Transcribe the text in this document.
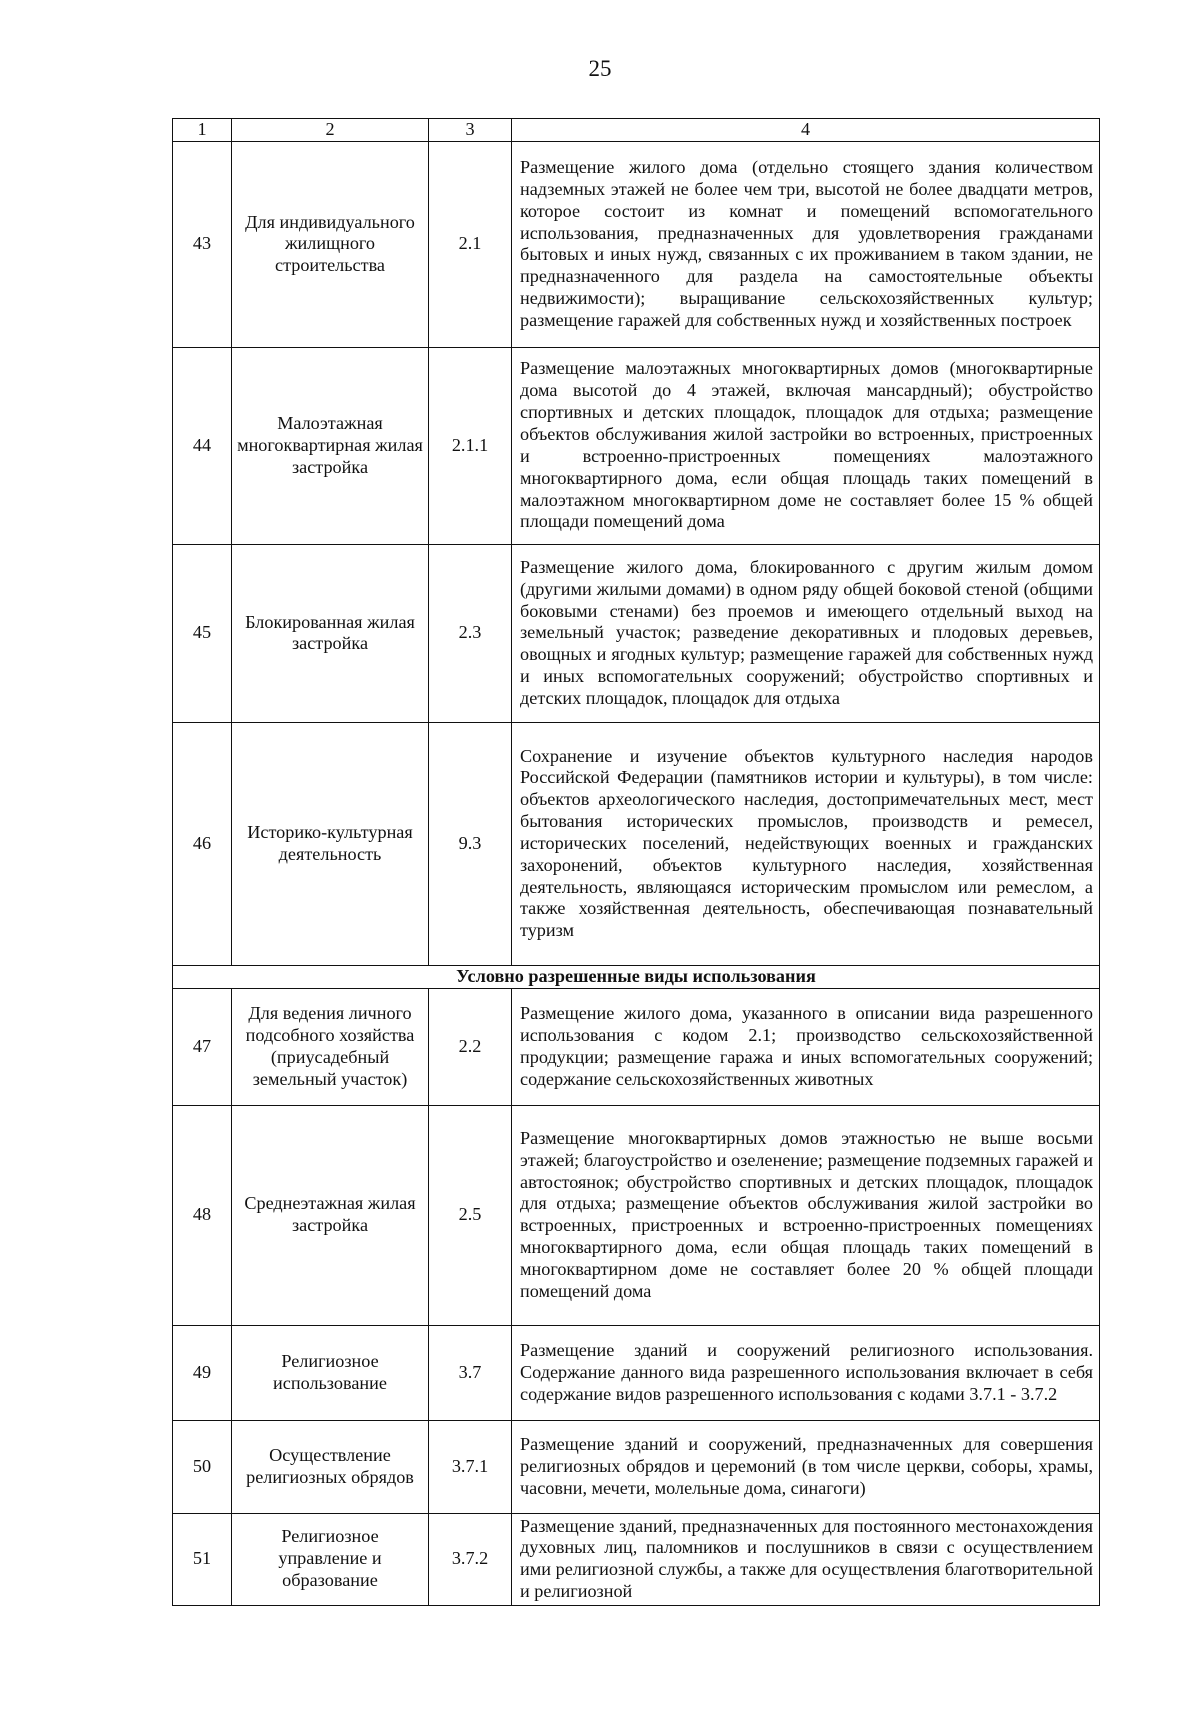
25
1	2	3	4
43	Для индивидуального жилищного строительства	2.1	Размещение жилого дома (отдельно стоящего здания количеством надземных этажей не более чем три, высотой не более двадцати метров, которое состоит из комнат и помещений вспомогательного использования, предназначенных для удовлетворения гражданами бытовых и иных нужд, связанных с их проживанием в таком здании, не предназначенного для раздела на самостоятельные объекты недвижимости); выращивание сельскохозяйственных культур; размещение гаражей для собственных нужд и хозяйственных построек
44	Малоэтажная многоквартирная жилая застройка	2.1.1	Размещение малоэтажных многоквартирных домов (многоквартирные дома высотой до 4 этажей, включая мансардный); обустройство спортивных и детских площадок, площадок для отдыха; размещение объектов обслуживания жилой застройки во встроенных, пристроенных и встроенно-пристроенных помещениях малоэтажного многоквартирного дома, если общая площадь таких помещений в малоэтажном многоквартирном доме не составляет более 15 % общей площади помещений дома
45	Блокированная жилая застройка	2.3	Размещение жилого дома, блокированного с другим жилым домом (другими жилыми домами) в одном ряду общей боковой стеной (общими боковыми стенами) без проемов и имеющего отдельный выход на земельный участок; разведение декоративных и плодовых деревьев, овощных и ягодных культур; размещение гаражей для собственных нужд и иных вспомогательных сооружений; обустройство спортивных и детских площадок, площадок для отдыха
46	Историко-культурная деятельность	9.3	Сохранение и изучение объектов культурного наследия народов Российской Федерации (памятников истории и культуры), в том числе: объектов археологического наследия, достопримечательных мест, мест бытования исторических промыслов, производств и ремесел, исторических поселений, недействующих военных и гражданских захоронений, объектов культурного наследия, хозяйственная деятельность, являющаяся историческим промыслом или ремеслом, а также хозяйственная деятельность, обеспечивающая познавательный туризм
Условно разрешенные виды использования			
47	Для ведения личного подсобного хозяйства (приусадебный земельный участок)	2.2	Размещение жилого дома, указанного в описании вида разрешенного использования с кодом 2.1; производство сельскохозяйственной продукции; размещение гаража и иных вспомогательных сооружений; содержание сельскохозяйственных животных
48	Среднеэтажная жилая застройка	2.5	Размещение многоквартирных домов этажностью не выше восьми этажей; благоустройство и озеленение; размещение подземных гаражей и автостоянок; обустройство спортивных и детских площадок, площадок для отдыха; размещение объектов обслуживания жилой застройки во встроенных, пристроенных и встроенно-пристроенных помещениях многоквартирного дома, если общая площадь таких помещений в многоквартирном доме не составляет более 20 % общей площади помещений дома
49	Религиозное использование	3.7	Размещение зданий и сооружений религиозного использования. Содержание данного вида разрешенного использования включает в себя содержание видов разрешенного использования с кодами 3.7.1 - 3.7.2
50	Осуществление религиозных обрядов	3.7.1	Размещение зданий и сооружений, предназначенных для совершения религиозных обрядов и церемоний (в том числе церкви, соборы, храмы, часовни, мечети, молельные дома, синагоги)
51	Религиозное управление и образование	3.7.2	Размещение зданий, предназначенных для постоянного местонахождения духовных лиц, паломников и послушников в связи с осуществлением ими религиозной службы, а также для осуществления благотворительной и религиозной
